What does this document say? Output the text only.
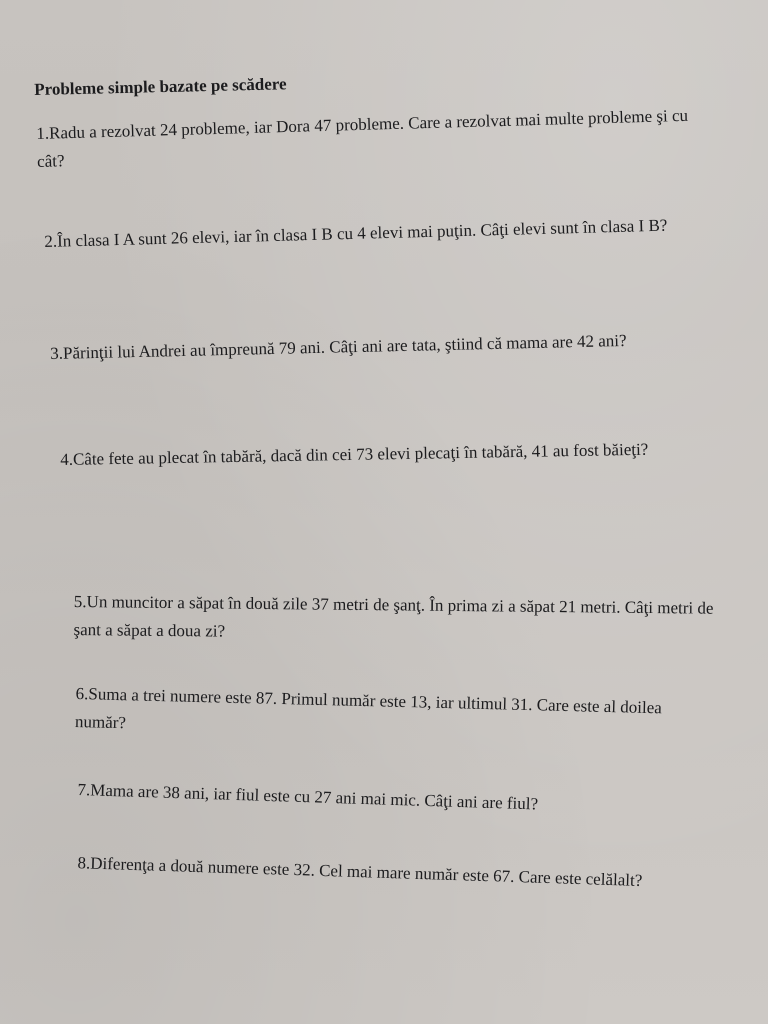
Probleme simple bazate pe scădere
1.Radu a rezolvat 24 probleme, iar Dora 47 probleme. Care a rezolvat mai multe probleme şi cu cât?
2.În clasa I A sunt 26 elevi, iar în clasa I B cu 4 elevi mai puţin. Câţi elevi sunt în clasa I B?
3.Părinţii lui Andrei au împreună 79 ani. Câţi ani are tata, ştiind că mama are 42 ani?
4.Câte fete au plecat în tabără, dacă din cei 73 elevi plecaţi în tabără, 41 au fost băieţi?
5.Un muncitor a săpat în două zile 37 metri de şanţ. În prima zi a săpat 21 metri. Câţi metri de şant a săpat a doua zi?
6.Suma a trei numere este 87. Primul număr este 13, iar ultimul 31. Care este al doilea număr?
7.Mama are 38 ani, iar fiul este cu 27 ani mai mic. Câţi ani are fiul?
8.Diferenţa a două numere este 32. Cel mai mare număr este 67. Care este celălalt?
